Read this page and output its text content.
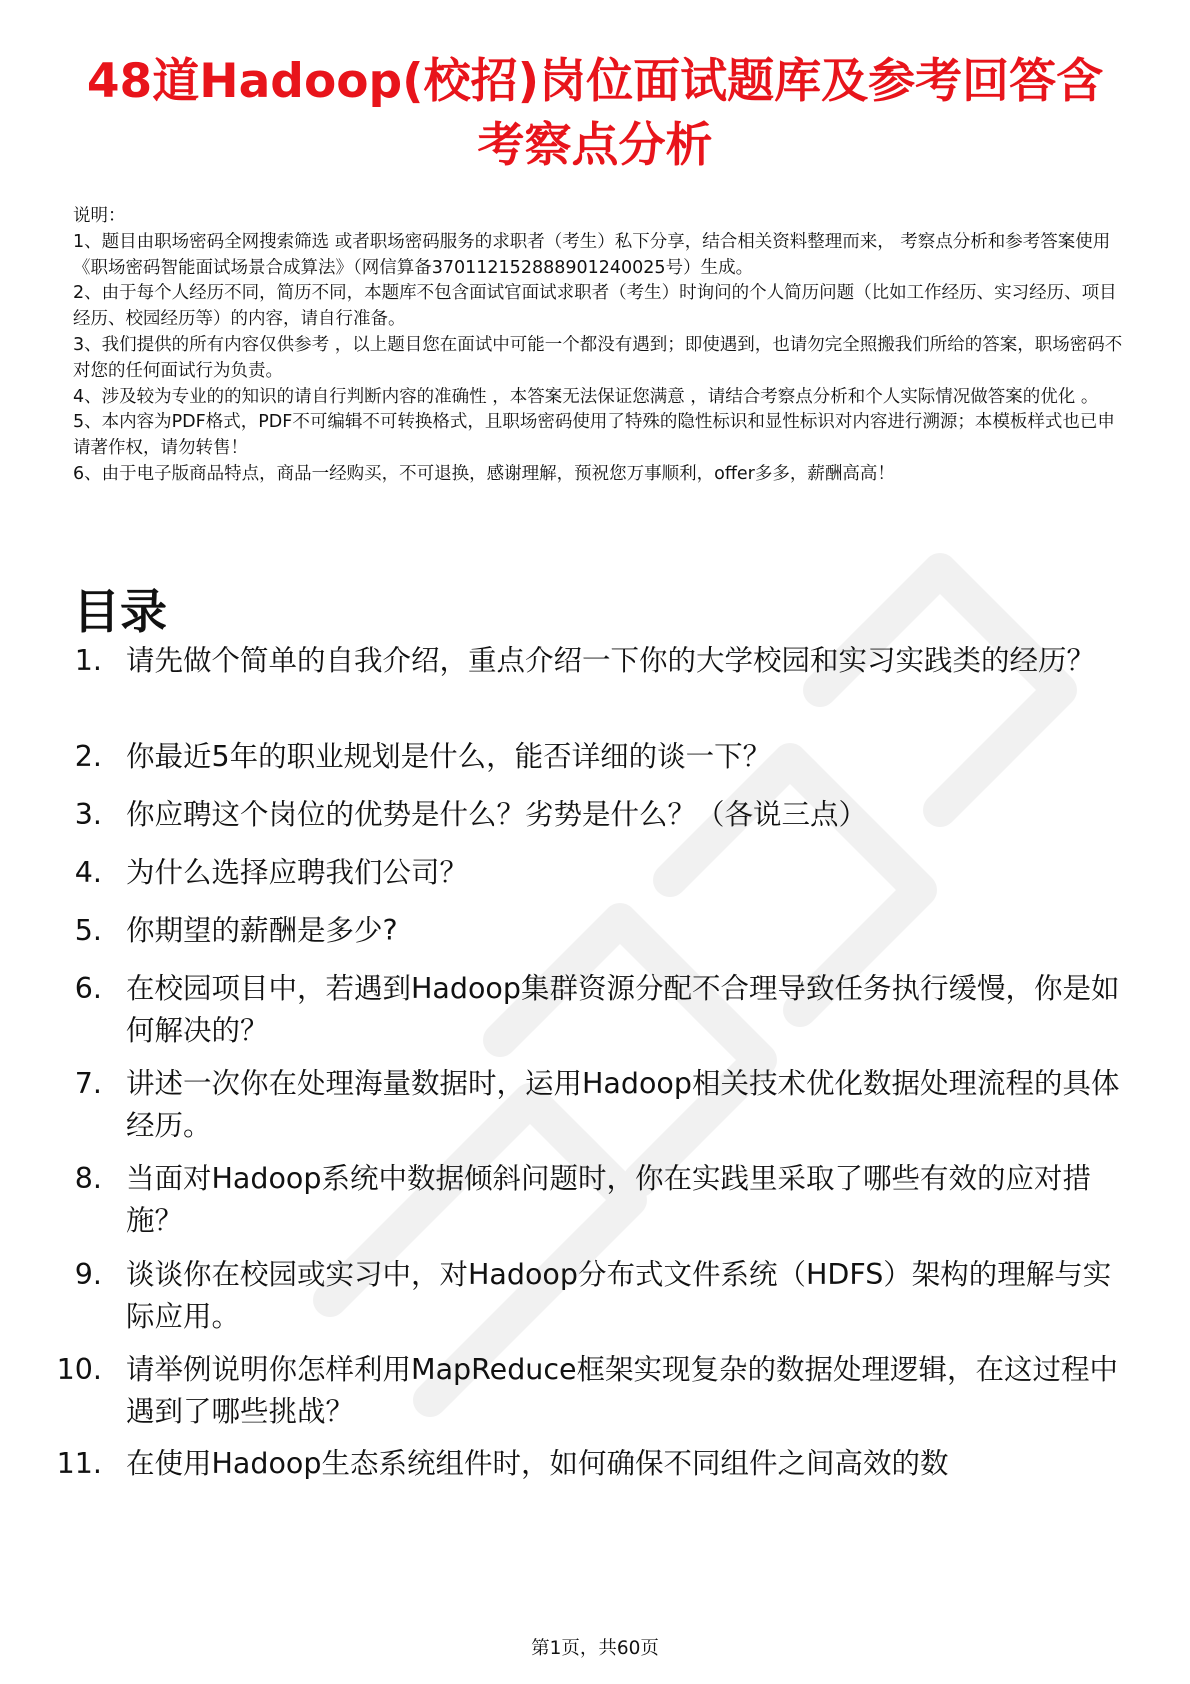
48道Hadoop(校招)岗位面试题库及参考回答含
考察点分析

说明：

1、题目由职场密码全网搜索筛选 或者职场密码服务的求职者（考生）私下分享，结合相关资料整理而来， 考察点分析和参考答案使用《职场密码智能面试场景合成算法》（网信算备370112152888901240025号）生成。

2、由于每个人经历不同，简历不同，本题库不包含面试官面试求职者（考生）时询问的个人简历问题（比如工作经历、实习经历、项目经历、校园经历等）的内容，请自行准备。

3、我们提供的所有内容仅供参考 ，以上题目您在面试中可能一个都没有遇到；即使遇到，也请勿完全照搬我们所给的答案，职场密码不对您的任何面试行为负责。

4、涉及较为专业的的知识的请自行判断内容的准确性 ，本答案无法保证您满意 ，请结合考察点分析和个人实际情况做答案的优化 。

5、本内容为PDF格式，PDF不可编辑不可转换格式，且职场密码使用了特殊的隐性标识和显性标识对内容进行溯源；本模板样式也已申请著作权，请勿转售！

6、由于电子版商品特点，商品一经购买，不可退换，感谢理解，预祝您万事顺利，offer多多，薪酬高高！

目录
1. 请先做个简单的自我介绍，重点介绍一下你的大学校园和实习实践类的经历？
2. 你最近5年的职业规划是什么，能否详细的谈一下？
3. 你应聘这个岗位的优势是什么？劣势是什么？（各说三点）
4. 为什么选择应聘我们公司？
5. 你期望的薪酬是多少?
6. 在校园项目中，若遇到Hadoop集群资源分配不合理导致任务执行缓慢，你是如何解决的？
7. 讲述一次你在处理海量数据时，运用Hadoop相关技术优化数据处理流程的具体经历。
8. 当面对Hadoop系统中数据倾斜问题时，你在实践里采取了哪些有效的应对措施？
9. 谈谈你在校园或实习中，对Hadoop分布式文件系统（HDFS）架构的理解与实际应用。
10. 请举例说明你怎样利用MapReduce框架实现复杂的数据处理逻辑，在这过程中遇到了哪些挑战？
11. 在使用Hadoop生态系统组件时，如何确保不同组件之间高效的数
第1页，共60页
